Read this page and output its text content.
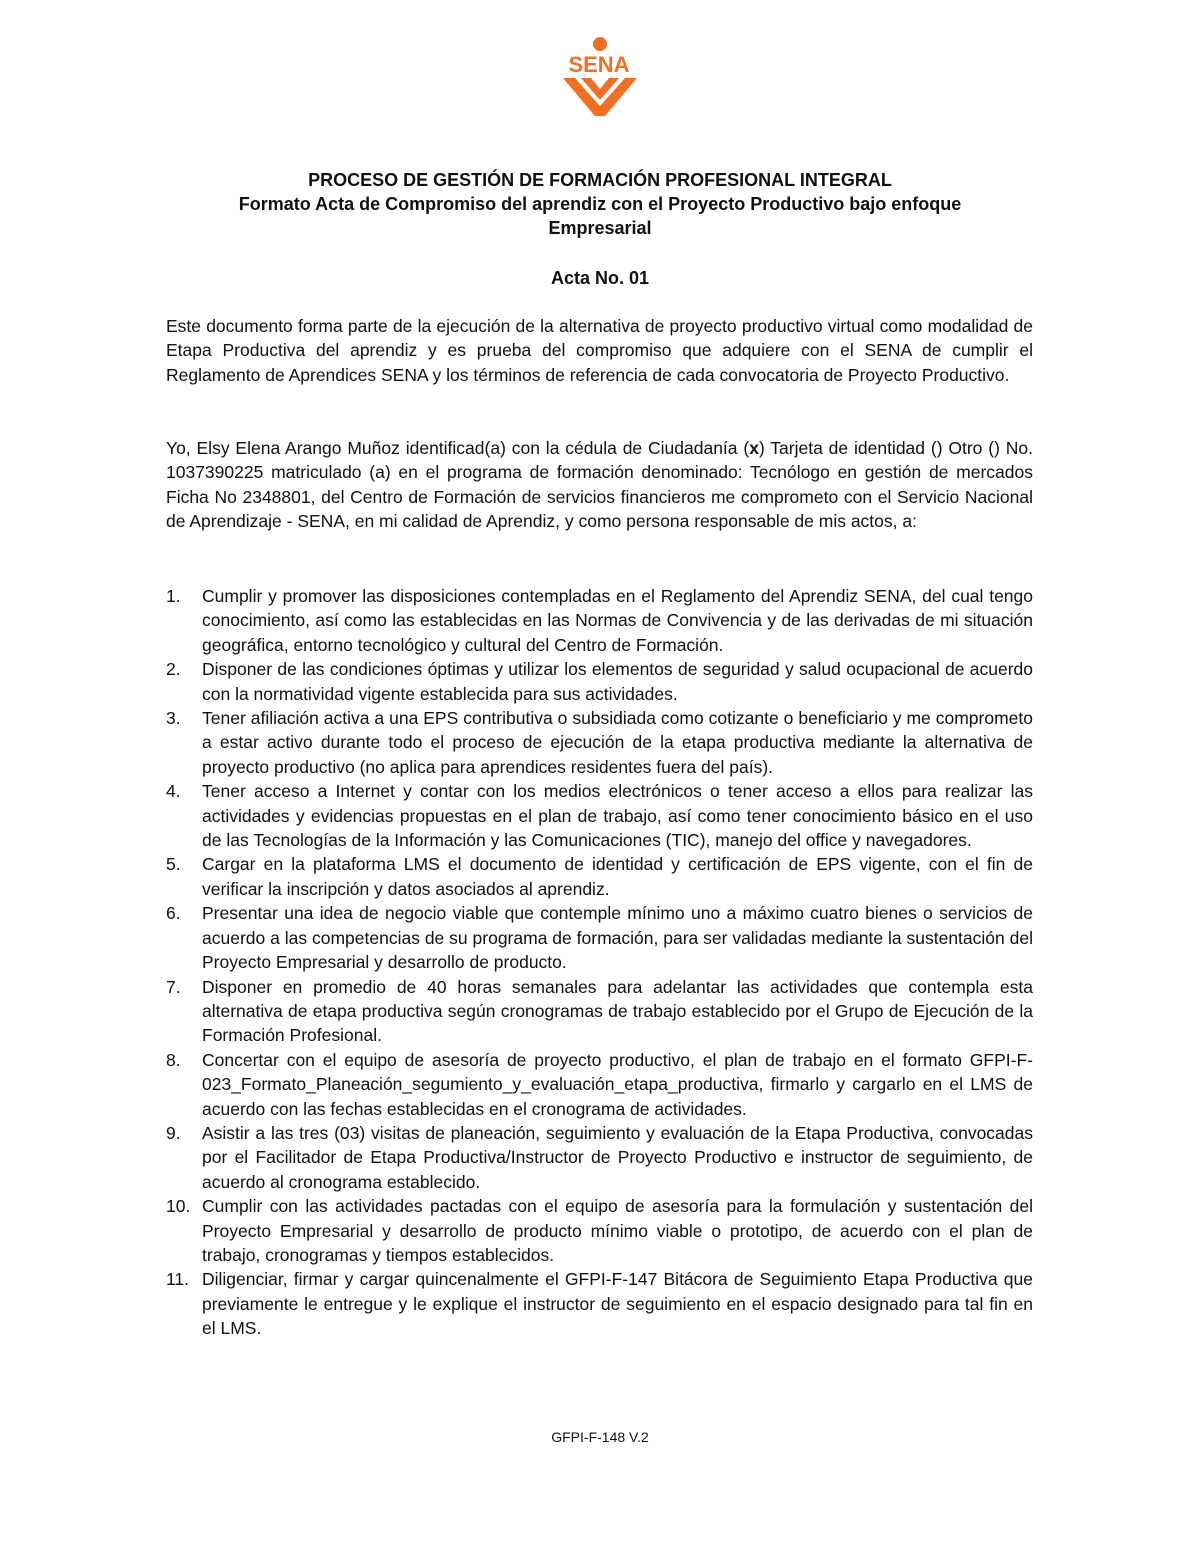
SENA

PROCESO DE GESTIÓN DE FORMACIÓN PROFESIONAL INTEGRAL

Formato Acta de Compromiso del aprendiz con el Proyecto Productivo bajo enfoque Empresarial

Acta No. 01

Este documento forma parte de la ejecución de la alternativa de proyecto productivo virtual como modalidad de Etapa Productiva del aprendiz y es prueba del compromiso que adquiere con el SENA de cumplir el Reglamento de Aprendices SENA y los términos de referencia de cada convocatoria de Proyecto Productivo.

Yo, Elsy Elena Arango Muñoz identificad(a) con la cédula de Ciudadanía (x) Tarjeta de identidad () Otro () No. 1037390225 matriculado (a) en el programa de formación denominado: Tecnólogo en gestión de mercados Ficha No 2348801, del Centro de Formación de servicios financieros me comprometo con el Servicio Nacional de Aprendizaje - SENA, en mi calidad de Aprendiz, y como persona responsable de mis actos, a:

1.	Cumplir y promover las disposiciones contempladas en el Reglamento del Aprendiz SENA, del cual tengo conocimiento, así como las establecidas en las Normas de Convivencia y de las derivadas de mi situación geográfica, entorno tecnológico y cultural del Centro de Formación.
2.	Disponer de las condiciones óptimas y utilizar los elementos de seguridad y salud ocupacional de acuerdo con la normatividad vigente establecida para sus actividades.
3.	Tener afiliación activa a una EPS contributiva o subsidiada como cotizante o beneficiario y me comprometo a estar activo durante todo el proceso de ejecución de la etapa productiva mediante la alternativa de proyecto productivo (no aplica para aprendices residentes fuera del país).
4.	Tener acceso a Internet y contar con los medios electrónicos o tener acceso a ellos para realizar las actividades y evidencias propuestas en el plan de trabajo, así como tener conocimiento básico en el uso de las Tecnologías de la Información y las Comunicaciones (TIC), manejo del office y navegadores.
5.	Cargar en la plataforma LMS el documento de identidad y certificación de EPS vigente, con el fin de verificar la inscripción y datos asociados al aprendiz.
6.	Presentar una idea de negocio viable que contemple mínimo uno a máximo cuatro bienes o servicios de acuerdo a las competencias de su programa de formación, para ser validadas mediante la sustentación del Proyecto Empresarial y desarrollo de producto.
7.	Disponer en promedio de 40 horas semanales para adelantar las actividades que contempla esta alternativa de etapa productiva según cronogramas de trabajo establecido por el Grupo de Ejecución de la Formación Profesional.
8.	Concertar con el equipo de asesoría de proyecto productivo, el plan de trabajo en el formato GFPI-F-023_Formato_Planeación_segumiento_y_evaluación_etapa_productiva, firmarlo y cargarlo en el LMS de acuerdo con las fechas establecidas en el cronograma de actividades.
9.	Asistir a las tres (03) visitas de planeación, seguimiento y evaluación de la Etapa Productiva, convocadas por el Facilitador de Etapa Productiva/Instructor de Proyecto Productivo e instructor de seguimiento, de acuerdo al cronograma establecido.
10. Cumplir con las actividades pactadas con el equipo de asesoría para la formulación y sustentación del Proyecto Empresarial y desarrollo de producto mínimo viable o prototipo, de acuerdo con el plan de trabajo, cronogramas y tiempos establecidos.
11. Diligenciar, firmar y cargar quincenalmente el GFPI-F-147 Bitácora de Seguimiento Etapa Productiva que previamente le entregue y le explique el instructor de seguimiento en el espacio designado para tal fin en el LMS.

GFPI-F-148 V.2
